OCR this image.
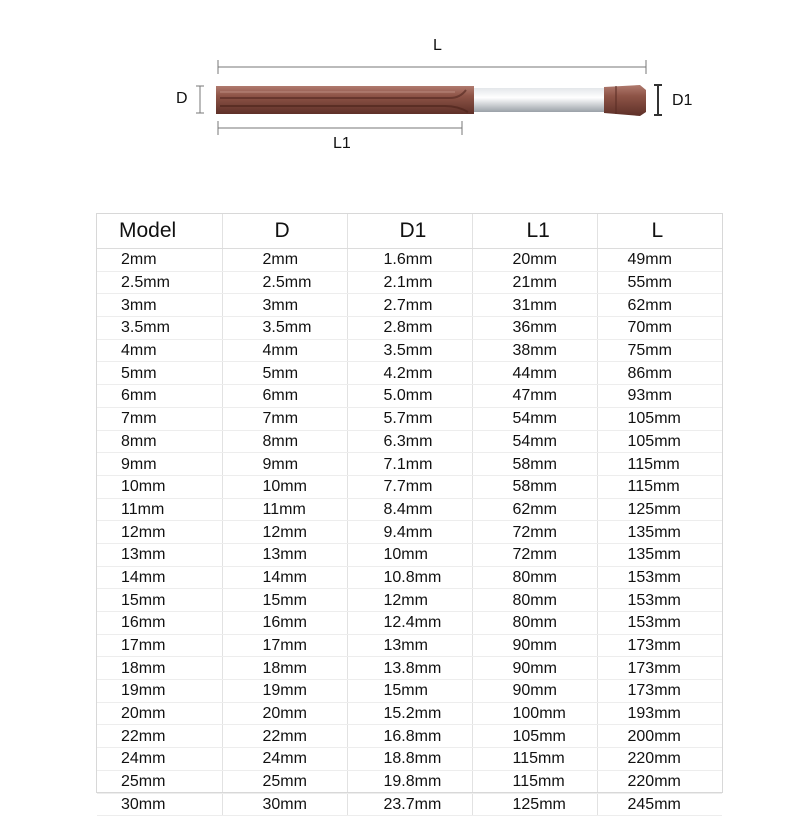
L
D	D1
L1
Model	D	D1	L1	L
2mm	2mm	1.6mm	20mm	49mm
2.5mm	2.5mm	2.1mm	21mm	55mm
3mm	3mm	2.7mm	31mm	62mm
3.5mm	3.5mm	2.8mm	36mm	70mm
4mm	4mm	3.5mm	38mm	75mm
5mm	5mm	4.2mm	44mm	86mm
6mm	6mm	5.0mm	47mm	93mm
7mm	7mm	5.7mm	54mm	105mm
8mm	8mm	6.3mm	54mm	105mm
9mm	9mm	7.1mm	58mm	115mm
10mm	10mm	7.7mm	58mm	115mm
11mm	11mm	8.4mm	62mm	125mm
12mm	12mm	9.4mm	72mm	135mm
13mm	13mm	10mm	72mm	135mm
14mm	14mm	10.8mm	80mm	153mm
15mm	15mm	12mm	80mm	153mm
16mm	16mm	12.4mm	80mm	153mm
17mm	17mm	13mm	90mm	173mm
18mm	18mm	13.8mm	90mm	173mm
19mm	19mm	15mm	90mm	173mm
20mm	20mm	15.2mm	100mm	193mm
22mm	22mm	16.8mm	105mm	200mm
24mm	24mm	18.8mm	115mm	220mm
25mm	25mm	19.8mm	115mm	220mm
30mm	30mm	23.7mm	125mm	245mm
